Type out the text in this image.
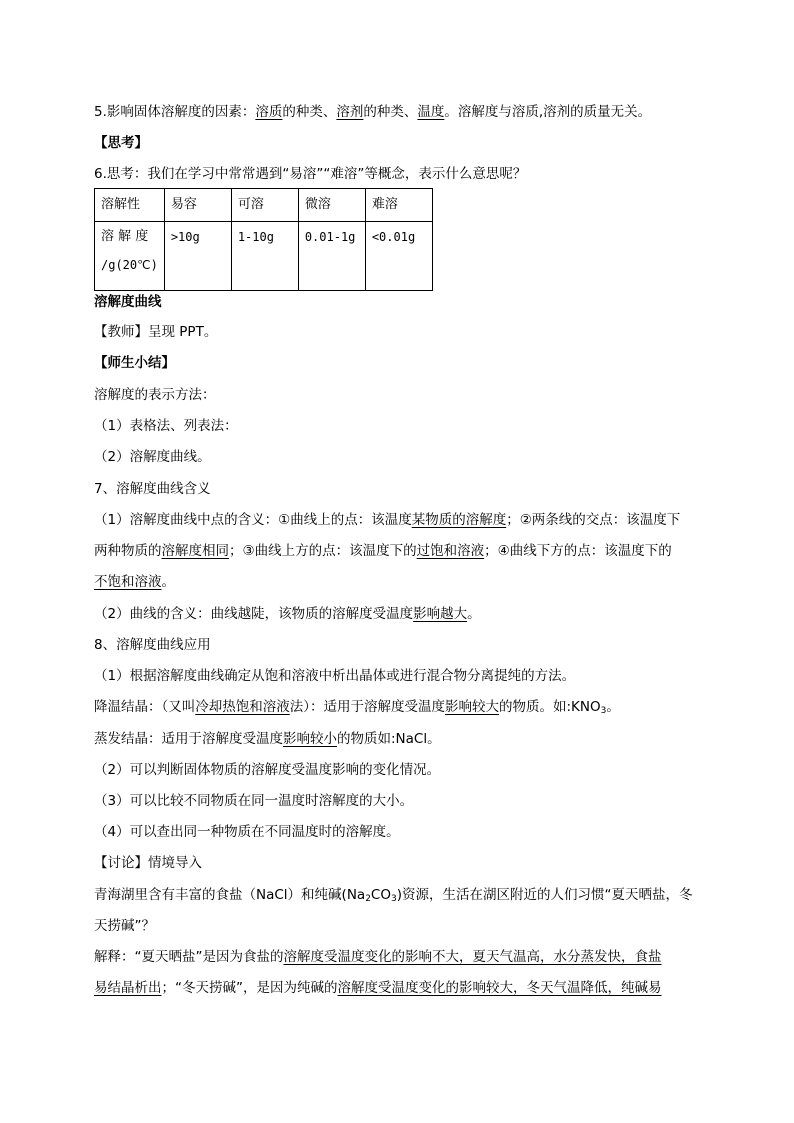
5.影响固体溶解度的因素：溶质的种类、溶剂的种类、温度。溶解度与溶质,溶剂的质量无关。
【思考】
6.思考：我们在学习中常常遇到“易溶”“难溶”等概念，表示什么意思呢？
溶解性	易容	可溶	微溶	难溶

溶 解 度
/g(20℃)	>10g	1-10g	0.01-1g	<0.01g
溶解度曲线
【教师】呈现 PPT。
【师生小结】
溶解度的表示方法：
（1）表格法、列表法：
（2）溶解度曲线。
7、溶解度曲线含义
（1）溶解度曲线中点的含义：①曲线上的点：该温度某物质的溶解度；②两条线的交点：该温度下
两种物质的溶解度相同；③曲线上方的点：该温度下的过饱和溶液；④曲线下方的点：该温度下的
不饱和溶液。
（2）曲线的含义：曲线越陡，该物质的溶解度受温度影响越大。
8、溶解度曲线应用
（1）根据溶解度曲线确定从饱和溶液中析出晶体或进行混合物分离提纯的方法。
降温结晶：（又叫冷却热饱和溶液法）：适用于溶解度受温度影响较大的物质。如$:KNO_3$。
蒸发结晶：适用于溶解度受温度影响较小的物质如:NaCl。
（2）可以判断固体物质的溶解度受温度影响的变化情况。
（3）可以比较不同物质在同一温度时溶解度的大小。
（4）可以查出同一种物质在不同温度时的溶解度。
【讨论】情境导入
青海湖里含有丰富的食盐（NaCl）和纯碱$(Na_2CO_3)$资源，生活在湖区附近的人们习惯“夏天晒盐，冬
天捞碱”？
解释：“夏天晒盐”是因为食盐的溶解度受温度变化的影响不大，夏天气温高，水分蒸发快，食盐
易结晶析出；“冬天捞碱”，是因为纯碱的溶解度受温度变化的影响较大，冬天气温降低，纯碱易
